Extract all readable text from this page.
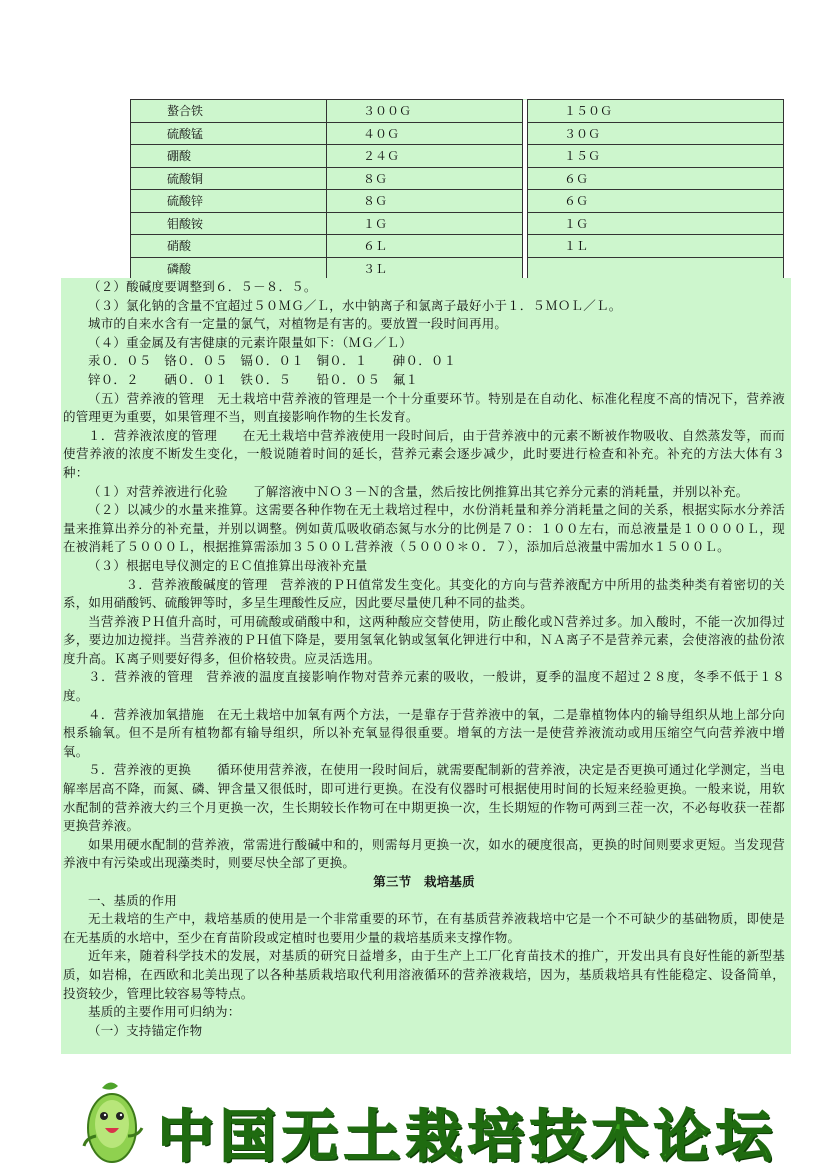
螯合铁	３００Ｇ		１５０Ｇ
硫酸锰	４０Ｇ		３０Ｇ
硼酸	２４Ｇ		１５Ｇ
硫酸铜	８Ｇ		６Ｇ
硫酸锌	８Ｇ		６Ｇ
钼酸铵	１Ｇ		１Ｇ
硝酸	６Ｌ		１Ｌ
磷酸	３Ｌ		

（２）酸碱度要调整到６．５－８．５。

（３）氯化钠的含量不宜超过５０ＭＧ／Ｌ，水中钠离子和氯离子最好小于１．５ＭＯＬ／Ｌ。

城市的自来水含有一定量的氯气，对植物是有害的。要放置一段时间再用。

（４）重金属及有害健康的元素许限量如下：（ＭＧ／Ｌ）

汞０．０５　铬０．０５　镉０．０１　铜０．１　　砷０．０１

锌０．２　　硒０．０１　铁０．５　　铅０．０５　氟１

（五）营养液的管理　无土栽培中营养液的管理是一个十分重要环节。特别是在自动化、标准化程度不高的情况下，营养液的管理更为重要，如果管理不当，则直接影响作物的生长发育。

１．营养液浓度的管理　　在无土栽培中营养液使用一段时间后，由于营养液中的元素不断被作物吸收、自然蒸发等，而而使营养液的浓度不断发生变化，一般说随着时间的延长，营养元素会逐步减少，此时要进行检查和补充。补充的方法大体有３种：

（１）对营养液进行化验　　了解溶液中ＮＯ３－Ｎ的含量，然后按比例推算出其它养分元素的消耗量，并别以补充。

（２）以减少的水量来推算。这需要各种作物在无土栽培过程中，水份消耗量和养分消耗量之间的关系，根据实际水分养活量来推算出养分的补充量，并别以调整。例如黄瓜吸收硝态氮与水分的比例是７０：１００左右，而总液量是１００００Ｌ，现在被消耗了５０００Ｌ，根据推算需添加３５００Ｌ营养液（５０００＊０．７），添加后总液量中需加水１５００Ｌ。

（３）根据电导仪测定的ＥＣ值推算出母液补充量

３．营养液酸碱度的管理　营养液的ＰＨ值常发生变化。其变化的方向与营养液配方中所用的盐类种类有着密切的关系，如用硝酸钙、硫酸钾等时，多呈生理酸性反应，因此要尽量使几种不同的盐类。

当营养液ＰＨ值升高时，可用硫酸或硝酸中和，这两种酸应交替使用，防止酸化或Ｎ营养过多。加入酸时，不能一次加得过多，要边加边搅拌。当营养液的ＰＨ值下降是，要用氢氧化钠或氢氧化钾进行中和，ＮＡ离子不是营养元素，会使溶液的盐份浓度升高。Ｋ离子则要好得多，但价格较贵。应灵活选用。

３．营养液的管理　营养液的温度直接影响作物对营养元素的吸收，一般讲，夏季的温度不超过２８度，冬季不低于１８度。

４．营养液加氧措施　在无土栽培中加氧有两个方法，一是靠存于营养液中的氧，二是靠植物体内的输导组织从地上部分向根系输氧。但不是所有植物都有输导组织，所以补充氧显得很重要。增氧的方法一是使营养液流动或用压缩空气向营养液中增氧。

５．营养液的更换　　循环使用营养液，在使用一段时间后，就需要配制新的营养液，决定是否更换可通过化学测定，当电解率居高不降，而氮、磷、钾含量又很低时，即可进行更换。在没有仪器时可根据使用时间的长短来经验更换。一般来说，用软水配制的营养液大约三个月更换一次，生长期较长作物可在中期更换一次，生长期短的作物可两到三茬一次，不必每收获一茬都更换营养液。

如果用硬水配制的营养液，常需进行酸碱中和的，则需每月更换一次，如水的硬度很高，更换的时间则要求更短。当发现营养液中有污染或出现藻类时，则要尽快全部了更换。

第三节　栽培基质

一、基质的作用

无土栽培的生产中，栽培基质的使用是一个非常重要的环节，在有基质营养液栽培中它是一个不可缺少的基础物质，即使是在无基质的水培中，至少在育苗阶段或定植时也要用少量的栽培基质来支撑作物。

近年来，随着科学技术的发展，对基质的研究日益增多，由于生产上工厂化育苗技术的推广，开发出具有良好性能的新型基质，如岩棉，在西欧和北美出现了以各种基质栽培取代利用溶液循环的营养液栽培，因为，基质栽培具有性能稳定、设备简单，投资较少，管理比较容易等特点。

基质的主要作用可归纳为：

（一）支持锚定作物

中国无土栽培技术论坛
